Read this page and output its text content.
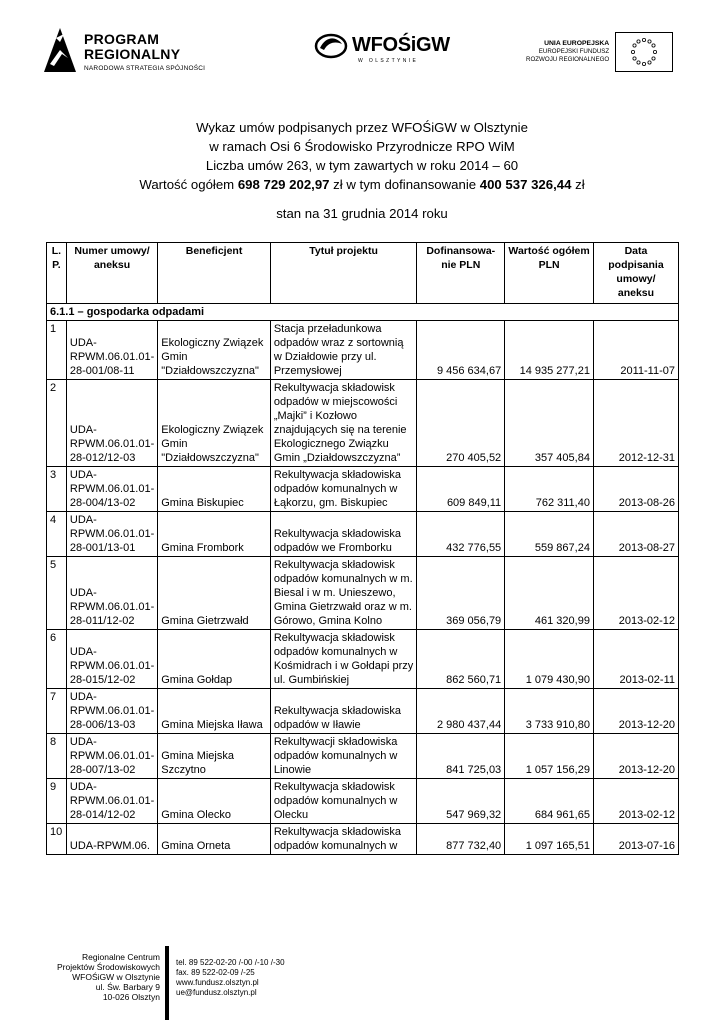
PROGRAM
REGIONALNY
NARODOWA STRATEGIA SPÓJNOŚCI
WFOŚiGW
W OLSZTYNIE
UNIA EUROPEJSKA
EUROPEJSKI FUNDUSZ
ROZWOJU REGIONALNEGO
Wykaz umów podpisanych przez WFOŚiGW w Olsztynie
w ramach Osi 6 Środowisko Przyrodnicze RPO WiM
Liczba umów 263, w tym zawartych w roku 2014 – 60
Wartość ogółem 698 729 202,97 zł w tym dofinansowanie 400 537 326,44 zł
stan na 31 grudnia 2014 roku
L. P.	Numer umowy/ aneksu	Beneficjent	Tytuł projektu	Dofinansowa-nie PLN	Wartość ogółem PLN	Data podpisania umowy/ aneksu
6.1.1 – gospodarka odpadami						
1	UDA-RPWM.06.01.01-28-001/08-11	Ekologiczny Związek Gmin "Działdowszczyzna"	Stacja przeładunkowa odpadów wraz z sortownią w Działdowie przy ul. Przemysłowej	9 456 634,67	14 935 277,21	2011-11-07
2	UDA-RPWM.06.01.01-28-012/12-03	Ekologiczny Związek Gmin "Działdowszczyzna"	Rekultywacja składowisk odpadów w miejscowości „Majki” i Kozłowo znajdujących się na terenie Ekologicznego Związku Gmin „Działdowszczyzna”	270 405,52	357 405,84	2012-12-31
3	UDA-RPWM.06.01.01-28-004/13-02	Gmina Biskupiec	Rekultywacja składowiska odpadów komunalnych w Łąkorzu, gm. Biskupiec	609 849,11	762 311,40	2013-08-26
4	UDA-RPWM.06.01.01-28-001/13-01	Gmina Frombork	Rekultywacja składowiska odpadów we Fromborku	432 776,55	559 867,24	2013-08-27
5	UDA-RPWM.06.01.01-28-011/12-02	Gmina Gietrzwałd	Rekultywacja składowisk odpadów komunalnych w m. Biesal i w m. Unieszewo, Gmina Gietrzwałd oraz w m. Górowo, Gmina Kolno	369 056,79	461 320,99	2013-02-12
6	UDA-RPWM.06.01.01-28-015/12-02	Gmina Gołdap	Rekultywacja składowisk odpadów komunalnych w Kośmidrach i w Gołdapi przy ul. Gumbińskiej	862 560,71	1 079 430,90	2013-02-11
7	UDA-RPWM.06.01.01-28-006/13-03	Gmina Miejska Iława	Rekultywacja składowiska odpadów w Iławie	2 980 437,44	3 733 910,80	2013-12-20
8	UDA-RPWM.06.01.01-28-007/13-02	Gmina Miejska Szczytno	Rekultywacji składowiska odpadów komunalnych w Linowie	841 725,03	1 057 156,29	2013-12-20
9	UDA-RPWM.06.01.01-28-014/12-02	Gmina Olecko	Rekultywacja składowisk odpadów komunalnych w Olecku	547 969,32	684 961,65	2013-02-12
10	UDA-RPWM.06.	Gmina Orneta	Rekultywacja składowiska odpadów komunalnych w	877 732,40	1 097 165,51	2013-07-16
Regionalne Centrum
Projektów Środowiskowych
WFOŚiGW w Olsztynie
ul. Św. Barbary 9
10-026 Olsztyn
tel. 89 522-02-20 /-00 /-10 /-30
fax. 89 522-02-09 /-25
www.fundusz.olsztyn.pl
ue@fundusz.olsztyn.pl
